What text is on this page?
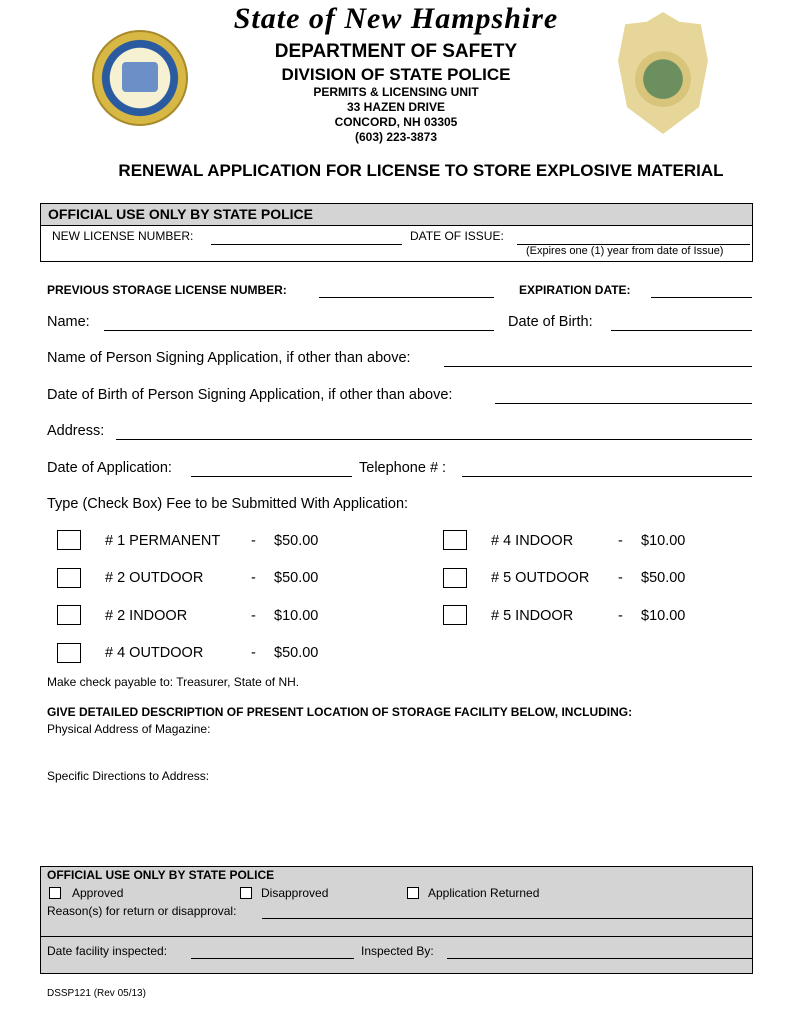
State of New Hampshire
DEPARTMENT OF SAFETY
DIVISION OF STATE POLICE
PERMITS & LICENSING UNIT
33 HAZEN DRIVE
CONCORD, NH 03305
(603) 223-3873
RENEWAL APPLICATION FOR LICENSE TO STORE EXPLOSIVE MATERIAL
OFFICIAL USE ONLY BY STATE POLICE
NEW LICENSE NUMBER:	DATE OF ISSUE:
(Expires one (1) year from date of Issue)
PREVIOUS STORAGE LICENSE NUMBER:	EXPIRATION DATE:
Name:	Date of Birth:
Name of Person Signing Application, if other than above:
Date of Birth of Person Signing Application, if other than above:
Address:
Date of Application:	Telephone # :
Type (Check Box) Fee to be Submitted With Application:
# 1 PERMANENT - $50.00
# 2 OUTDOOR	- $50.00
# 2 INDOOR	- $10.00
# 4 OUTDOOR	- $50.00
# 4 INDOOR	- $10.00
# 5 OUTDOOR - $50.00
# 5 INDOOR	- $10.00
Make check payable to: Treasurer, State of NH.
GIVE DETAILED DESCRIPTION OF PRESENT LOCATION OF STORAGE FACILITY BELOW, INCLUDING:
Physical Address of Magazine:
Specific Directions to Address:
OFFICIAL USE ONLY BY STATE POLICE
Approved	Disapproved	Application Returned
Reason(s) for return or disapproval:
Date facility inspected:	Inspected By:
DSSP121 (Rev 05/13)
